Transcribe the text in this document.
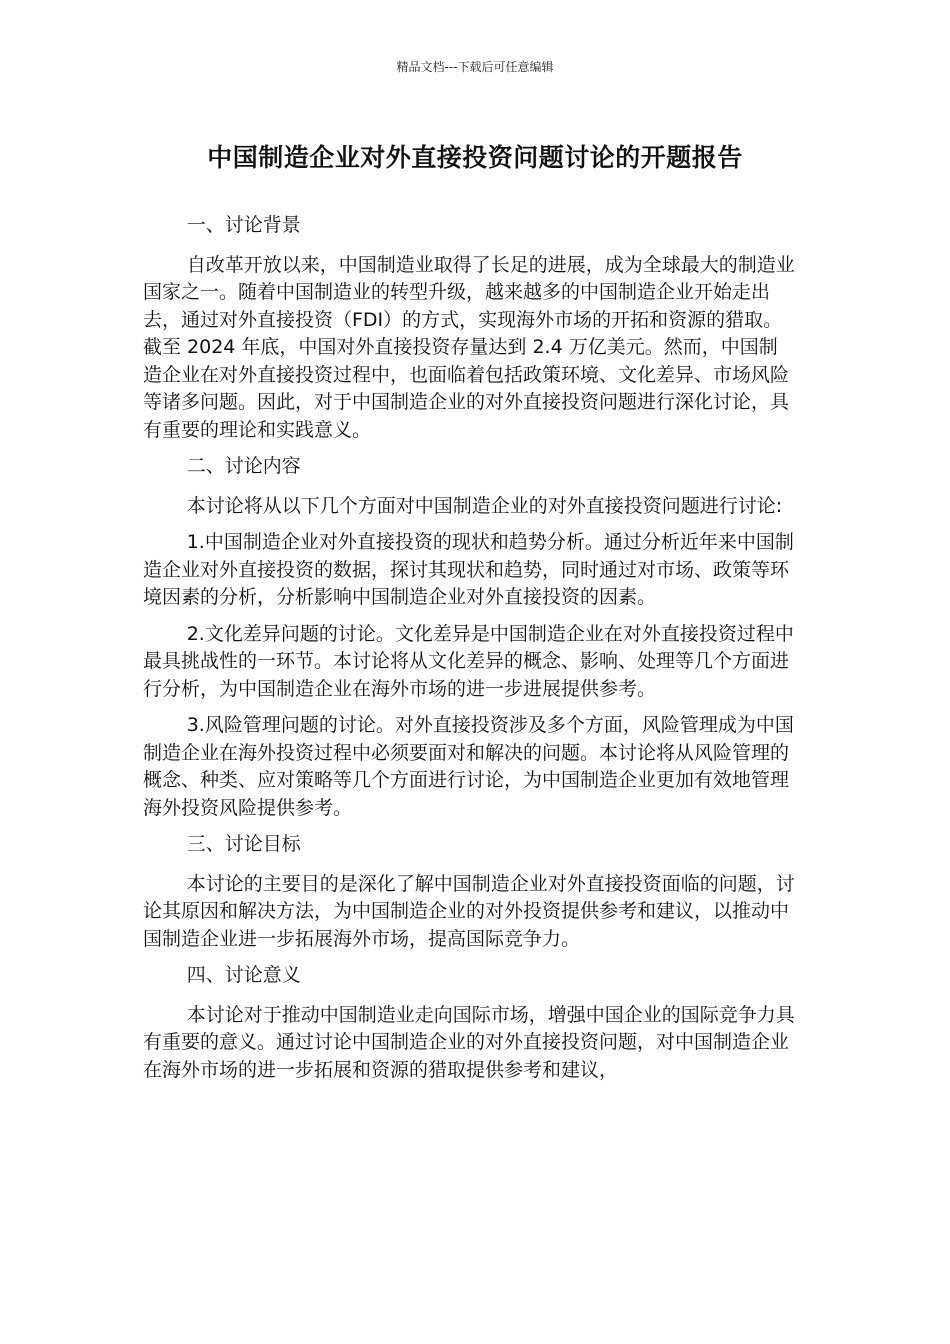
精品文档---下载后可任意编辑
中国制造企业对外直接投资问题讨论的开题报告

一、讨论背景

自改革开放以来，中国制造业取得了长足的进展，成为全球最大的制造业国家之一。随着中国制造业的转型升级，越来越多的中国制造企业开始走出去，通过对外直接投资（FDI）的方式，实现海外市场的开拓和资源的猎取。截至 2024 年底，中国对外直接投资存量达到 2.4 万亿美元。然而，中国制造企业在对外直接投资过程中，也面临着包括政策环境、文化差异、市场风险等诸多问题。因此，对于中国制造企业的对外直接投资问题进行深化讨论，具有重要的理论和实践意义。

二、讨论内容

本讨论将从以下几个方面对中国制造企业的对外直接投资问题进行讨论:

1.中国制造企业对外直接投资的现状和趋势分析。通过分析近年来中国制造企业对外直接投资的数据，探讨其现状和趋势，同时通过对市场、政策等环境因素的分析，分析影响中国制造企业对外直接投资的因素。

2.文化差异问题的讨论。文化差异是中国制造企业在对外直接投资过程中最具挑战性的一环节。本讨论将从文化差异的概念、影响、处理等几个方面进行分析，为中国制造企业在海外市场的进一步进展提供参考。

3.风险管理问题的讨论。对外直接投资涉及多个方面，风险管理成为中国制造企业在海外投资过程中必须要面对和解决的问题。本讨论将从风险管理的概念、种类、应对策略等几个方面进行讨论，为中国制造企业更加有效地管理海外投资风险提供参考。

三、讨论目标

本讨论的主要目的是深化了解中国制造企业对外直接投资面临的问题，讨论其原因和解决方法，为中国制造企业的对外投资提供参考和建议，以推动中国制造企业进一步拓展海外市场，提高国际竞争力。

四、讨论意义

本讨论对于推动中国制造业走向国际市场，增强中国企业的国际竞争力具有重要的意义。通过讨论中国制造企业的对外直接投资问题，对中国制造企业在海外市场的进一步拓展和资源的猎取提供参考和建议，
